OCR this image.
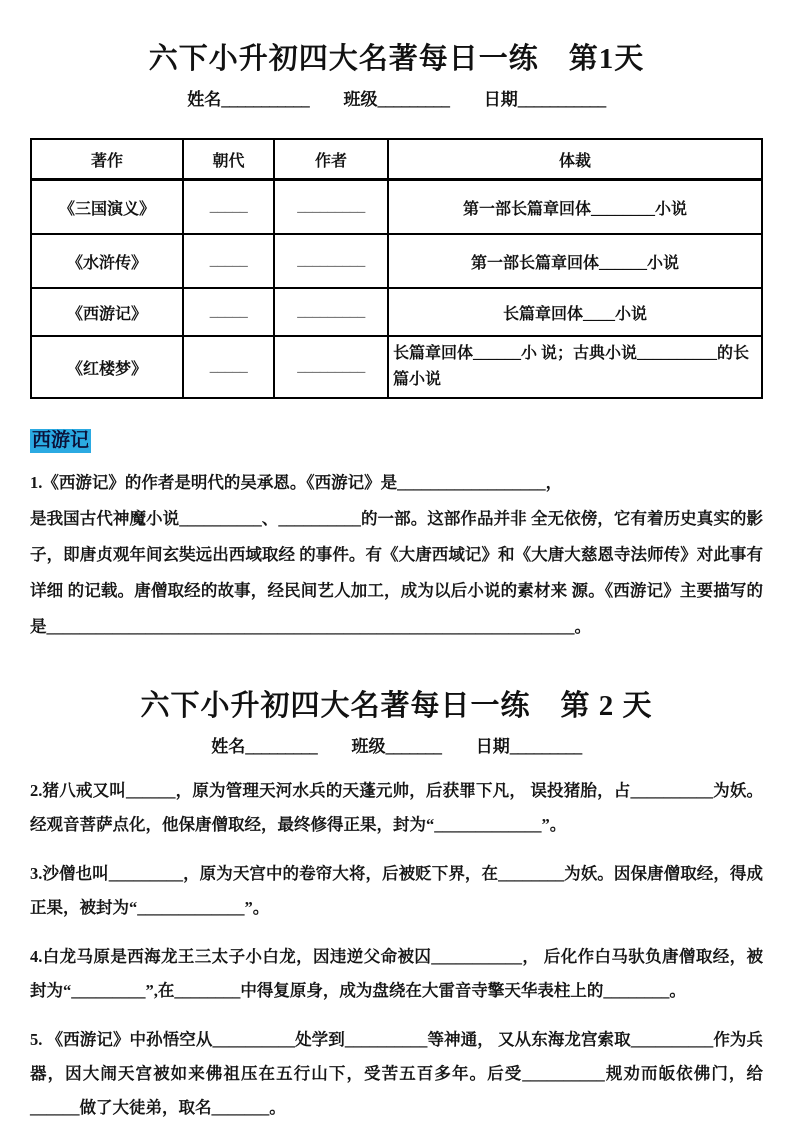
六下小升初四大名著每日一练　第1天
姓名___________ 班级_________ 日期___________
著作	朝代	作者	体裁
《三国演义》	_____	_________	第一部长篇章回体________小说
《水浒传》	_____	_________	第一部长篇章回体______小说
《西游记》	_____	_________	长篇章回体____小说
《红楼梦》	_____	_________	长篇章回体______小 说；古典小说__________的长篇小说
西游记

1.《西游记》的作者是明代的吴承恩。《西游记》是__________________，

是我国古代神魔小说__________、__________的一部。这部作品并非 全无依傍，它有着历史真实的影子，即唐贞观年间玄奘远出西域取经 的事件。有《大唐西域记》和《大唐大慈恩寺法师传》对此事有详细 的记载。唐僧取经的故事，经民间艺人加工，成为以后小说的素材来 源。《西游记》主要描写的是________________________________________________________________。

六下小升初四大名著每日一练　第 2 天
姓名_________ 班级_______ 日期_________

2.猪八戒又叫______，原为管理天河水兵的天蓬元帅，后获罪下凡， 误投猪胎，占__________为妖。经观音菩萨点化，他保唐僧取经，最终修得正果，封为“_____________”。

3.沙僧也叫_________，原为天宫中的卷帘大将，后被贬下界，在________为妖。因保唐僧取经，得成正果，被封为“_____________”。

4.白龙马原是西海龙王三太子小白龙，因违逆父命被囚___________， 后化作白马驮负唐僧取经，被封为“_________”,在________中得复原身，成为盘绕在大雷音寺擎天华表柱上的________。

5. 《西游记》中孙悟空从__________处学到__________等神通， 又从东海龙宫索取__________作为兵器，因大闹天宫被如来佛祖压在五行山下，受苦五百多年。后受__________规劝而皈依佛门，给______做了大徒弟，取名_______。
